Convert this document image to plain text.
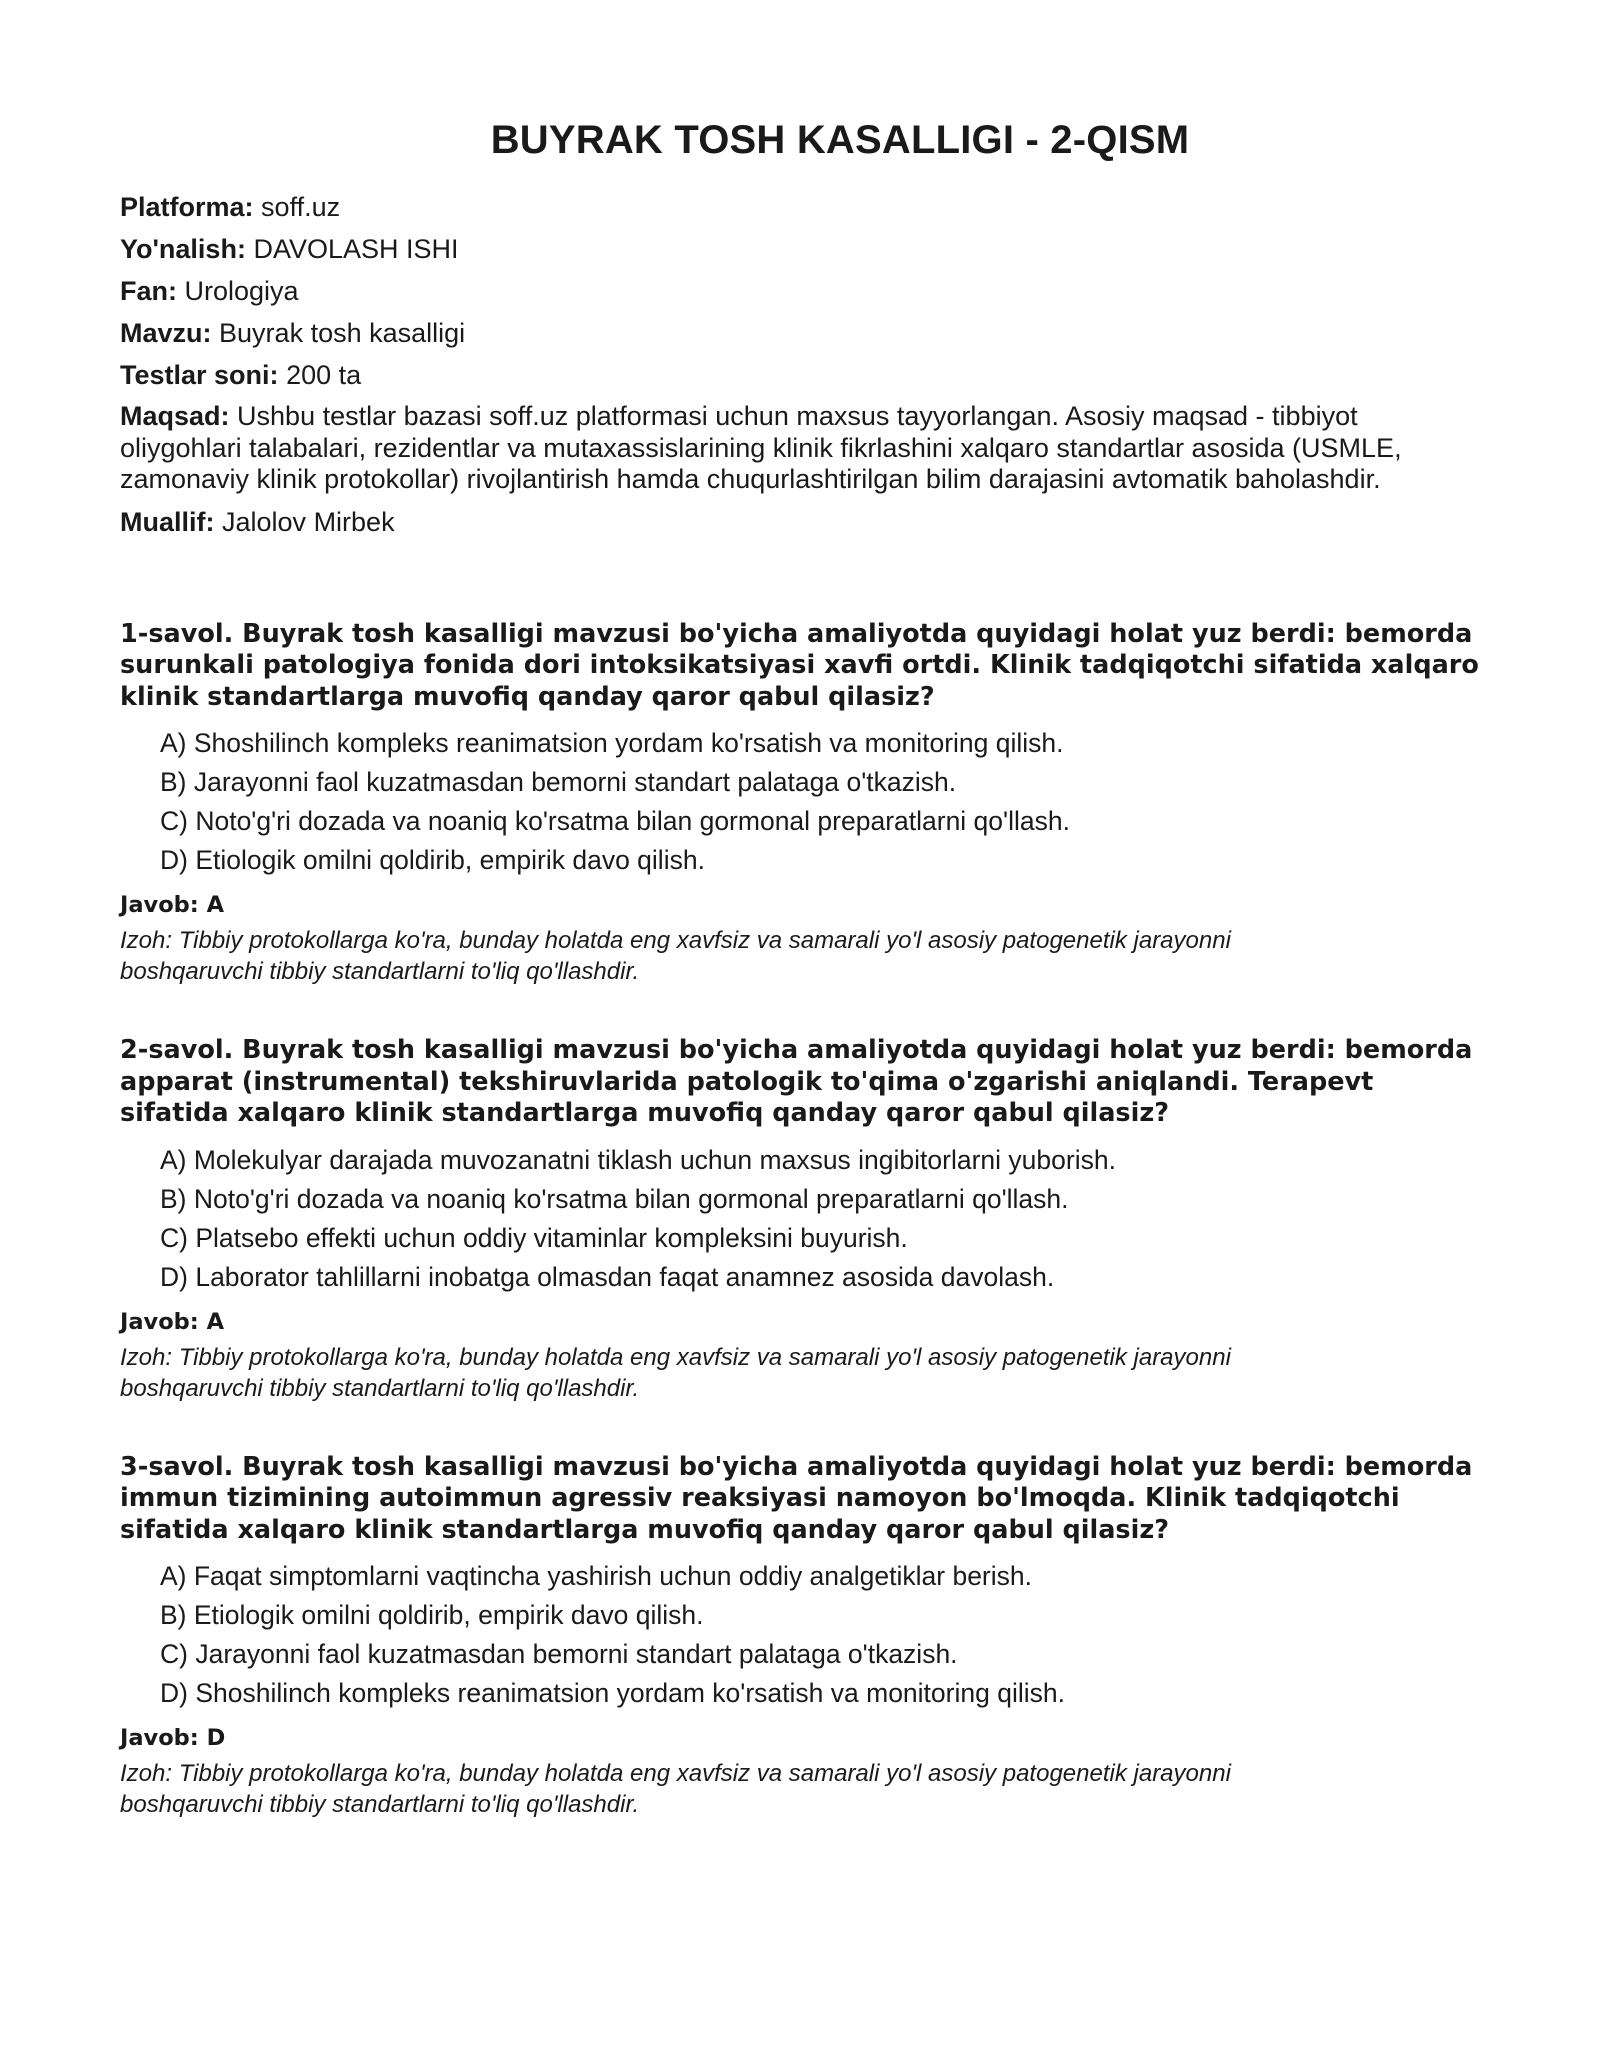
BUYRAK TOSH KASALLIGI - 2-QISM

Platforma: soff.uz

Yo'nalish: DAVOLASH ISHI

Fan: Urologiya

Mavzu: Buyrak tosh kasalligi

Testlar soni: 200 ta

Maqsad: Ushbu testlar bazasi soff.uz platformasi uchun maxsus tayyorlangan. Asosiy maqsad - tibbiyot oliygohlari talabalari, rezidentlar va mutaxassislarining klinik fikrlashini xalqaro standartlar asosida (USMLE, zamonaviy klinik protokollar) rivojlantirish hamda chuqurlashtirilgan bilim darajasini avtomatik baholashdir.

Muallif: Jalolov Mirbek

1-savol. Buyrak tosh kasalligi mavzusi bo'yicha amaliyotda quyidagi holat yuz berdi: bemorda surunkali patologiya fonida dori intoksikatsiyasi xavfi ortdi. Klinik tadqiqotchi sifatida xalqaro klinik standartlarga muvofiq qanday qaror qabul qilasiz?

A) Shoshilinch kompleks reanimatsion yordam ko'rsatish va monitoring qilish.
B) Jarayonni faol kuzatmasdan bemorni standart palataga o'tkazish.
C) Noto'g'ri dozada va noaniq ko'rsatma bilan gormonal preparatlarni qo'llash.
D) Etiologik omilni qoldirib, empirik davo qilish.
Javob: A
Izoh: Tibbiy protokollarga ko'ra, bunday holatda eng xavfsiz va samarali yo'l asosiy patogenetik jarayonni boshqaruvchi tibbiy standartlarni to'liq qo'llashdir.

2-savol. Buyrak tosh kasalligi mavzusi bo'yicha amaliyotda quyidagi holat yuz berdi: bemorda apparat (instrumental) tekshiruvlarida patologik to'qima o'zgarishi aniqlandi. Terapevt sifatida xalqaro klinik standartlarga muvofiq qanday qaror qabul qilasiz?

A) Molekulyar darajada muvozanatni tiklash uchun maxsus ingibitorlarni yuborish.
B) Noto'g'ri dozada va noaniq ko'rsatma bilan gormonal preparatlarni qo'llash.
C) Platsebo effekti uchun oddiy vitaminlar kompleksini buyurish.
D) Laborator tahlillarni inobatga olmasdan faqat anamnez asosida davolash.
Javob: A
Izoh: Tibbiy protokollarga ko'ra, bunday holatda eng xavfsiz va samarali yo'l asosiy patogenetik jarayonni boshqaruvchi tibbiy standartlarni to'liq qo'llashdir.

3-savol. Buyrak tosh kasalligi mavzusi bo'yicha amaliyotda quyidagi holat yuz berdi: bemorda immun tizimining autoimmun agressiv reaksiyasi namoyon bo'lmoqda. Klinik tadqiqotchi sifatida xalqaro klinik standartlarga muvofiq qanday qaror qabul qilasiz?

A) Faqat simptomlarni vaqtincha yashirish uchun oddiy analgetiklar berish.
B) Etiologik omilni qoldirib, empirik davo qilish.
C) Jarayonni faol kuzatmasdan bemorni standart palataga o'tkazish.
D) Shoshilinch kompleks reanimatsion yordam ko'rsatish va monitoring qilish.
Javob: D
Izoh: Tibbiy protokollarga ko'ra, bunday holatda eng xavfsiz va samarali yo'l asosiy patogenetik jarayonni boshqaruvchi tibbiy standartlarni to'liq qo'llashdir.
